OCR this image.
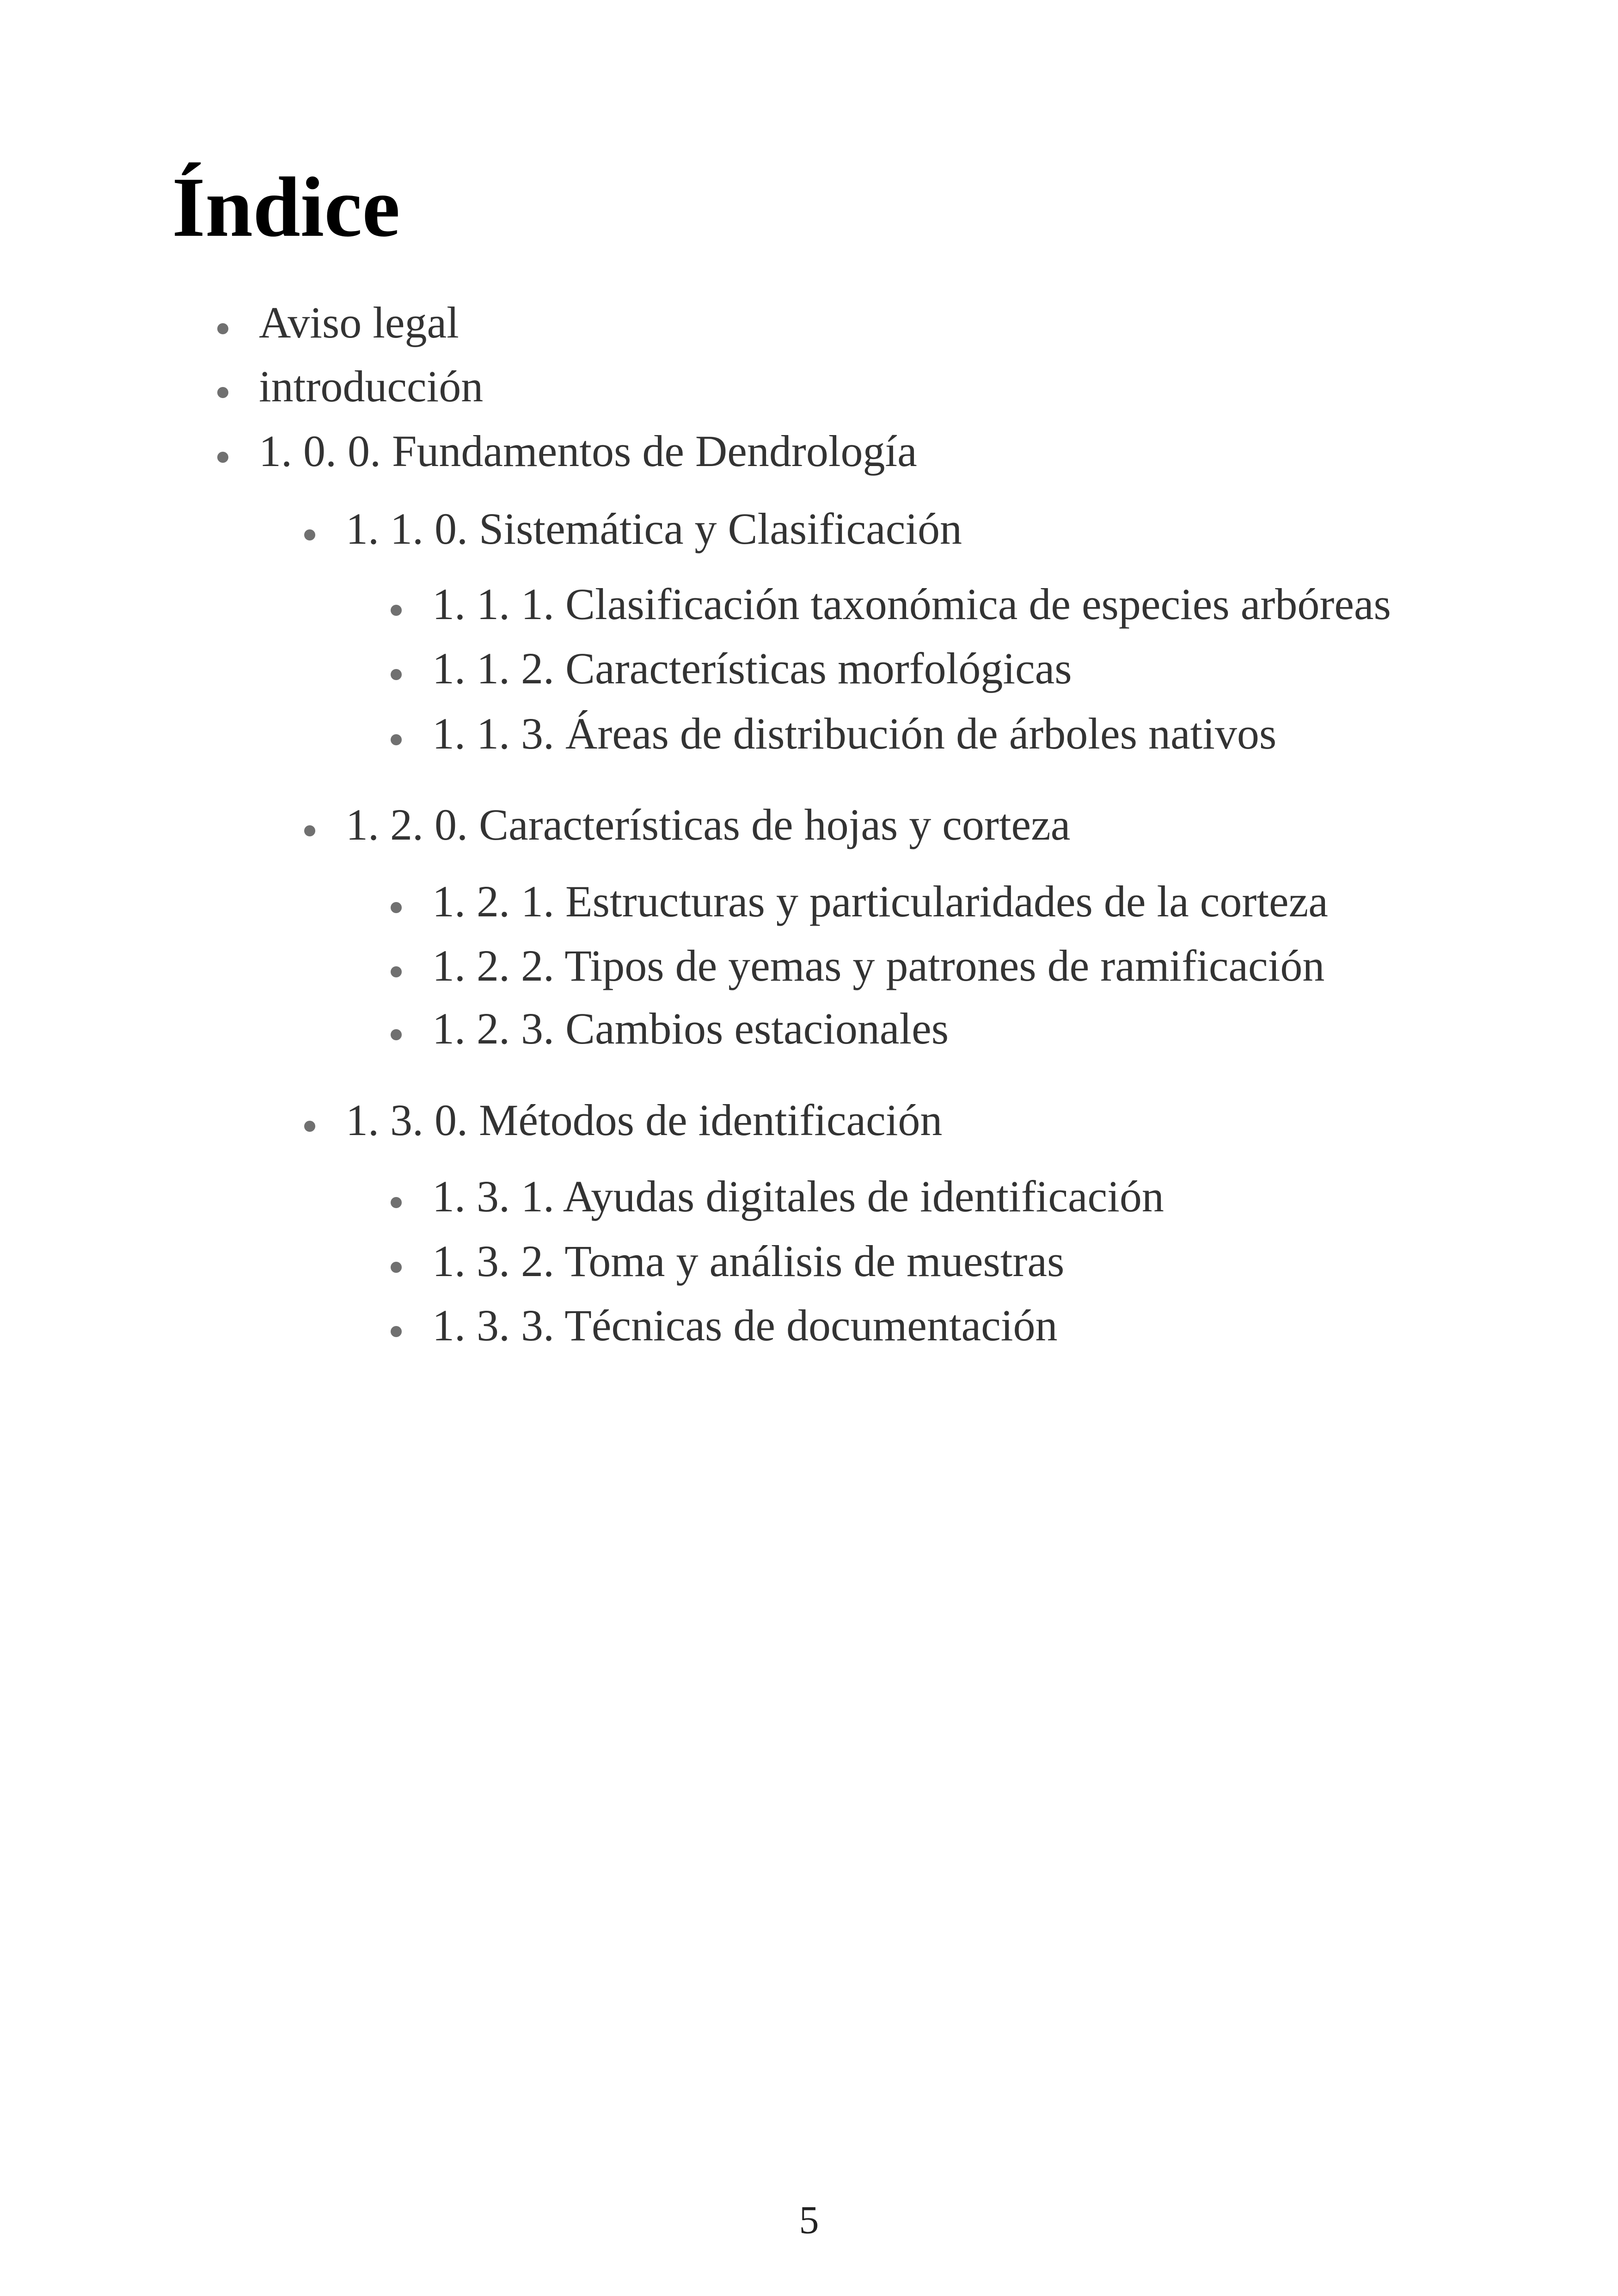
Índice
Aviso legal
introducción
1. 0. 0. Fundamentos de Dendrología
1. 1. 0. Sistemática y Clasificación
1. 1. 1. Clasificación taxonómica de especies arbóreas
1. 1. 2. Características morfológicas
1. 1. 3. Áreas de distribución de árboles nativos
1. 2. 0. Características de hojas y corteza
1. 2. 1. Estructuras y particularidades de la corteza
1. 2. 2. Tipos de yemas y patrones de ramificación
1. 2. 3. Cambios estacionales
1. 3. 0. Métodos de identificación
1. 3. 1. Ayudas digitales de identificación
1. 3. 2. Toma y análisis de muestras
1. 3. 3. Técnicas de documentación
5
